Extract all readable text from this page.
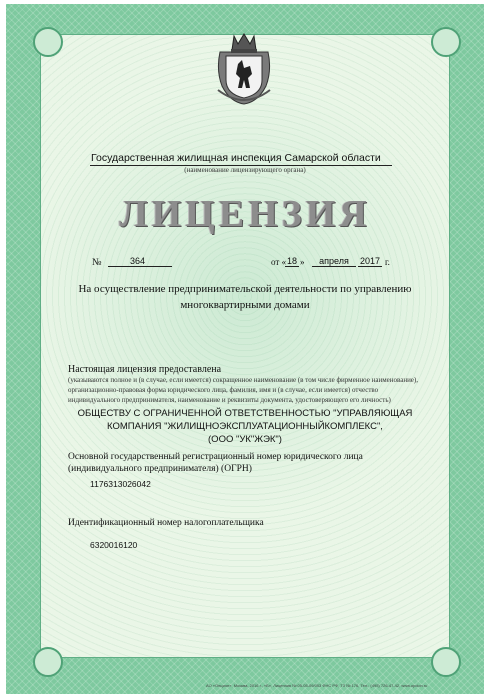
Государственная жилищная инспекция Самарской области
(наименование лицензирующего органа)
ЛИЦЕНЗИЯ
№	364	от « 18 »	апреля	2017 г.
На осуществление предпринимательской деятельности по управлению
многоквартирными домами
Настоящая лицензия предоставлена
(указываются полное и (в случае, если имеется) сокращенное наименование (в том числе фирменное наименование),
организационно-правовая форма юридического лица, фамилия, имя и (в случае, если имеется) отчество
индивидуального предпринимателя, наименование и реквизиты документа, удостоверяющего его личность)
ОБЩЕСТВУ С ОГРАНИЧЕННОЙ ОТВЕТСТВЕННОСТЬЮ "УПРАВЛЯЮЩАЯ
КОМПАНИЯ "ЖИЛИЩНОЭКСПЛУАТАЦИОННЫЙКОМПЛЕКС",
(ООО "УК"ЖЭК")
Основной государственный регистрационный номер юридического лица
(индивидуального предпринимателя) (ОГРН)
1176313026042
Идентификационный номер налогоплательщика
6320016120
АО «Опцион», Москва, 2016 г., «Б», Лицензия № 05-05-09/003 ФНС РФ, ТЗ № 176, Тел.: (495) 726-47-42, www.opcion.ru
